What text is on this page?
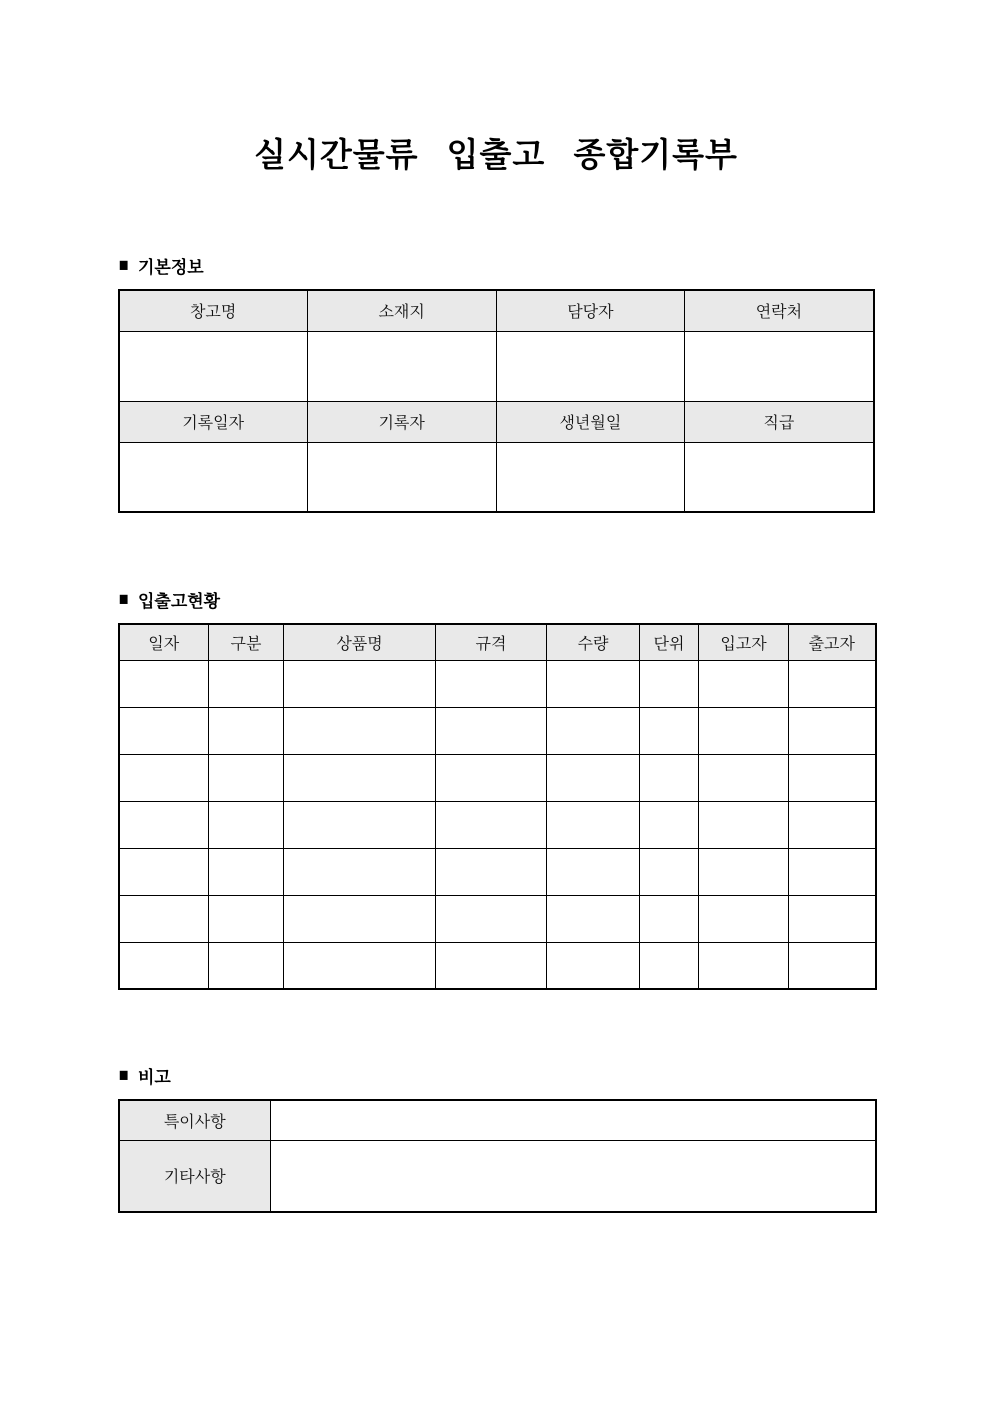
실시간물류 입출고 종합기록부
■ 기본정보
창고명	소재지	담당자	연락처

기록일자	기록자	생년월일	직급

■ 입출고현황
일자	구분	상품명	규격	수량	단위	입고자	출고자

■ 비고
특이사항	
기타사항	
